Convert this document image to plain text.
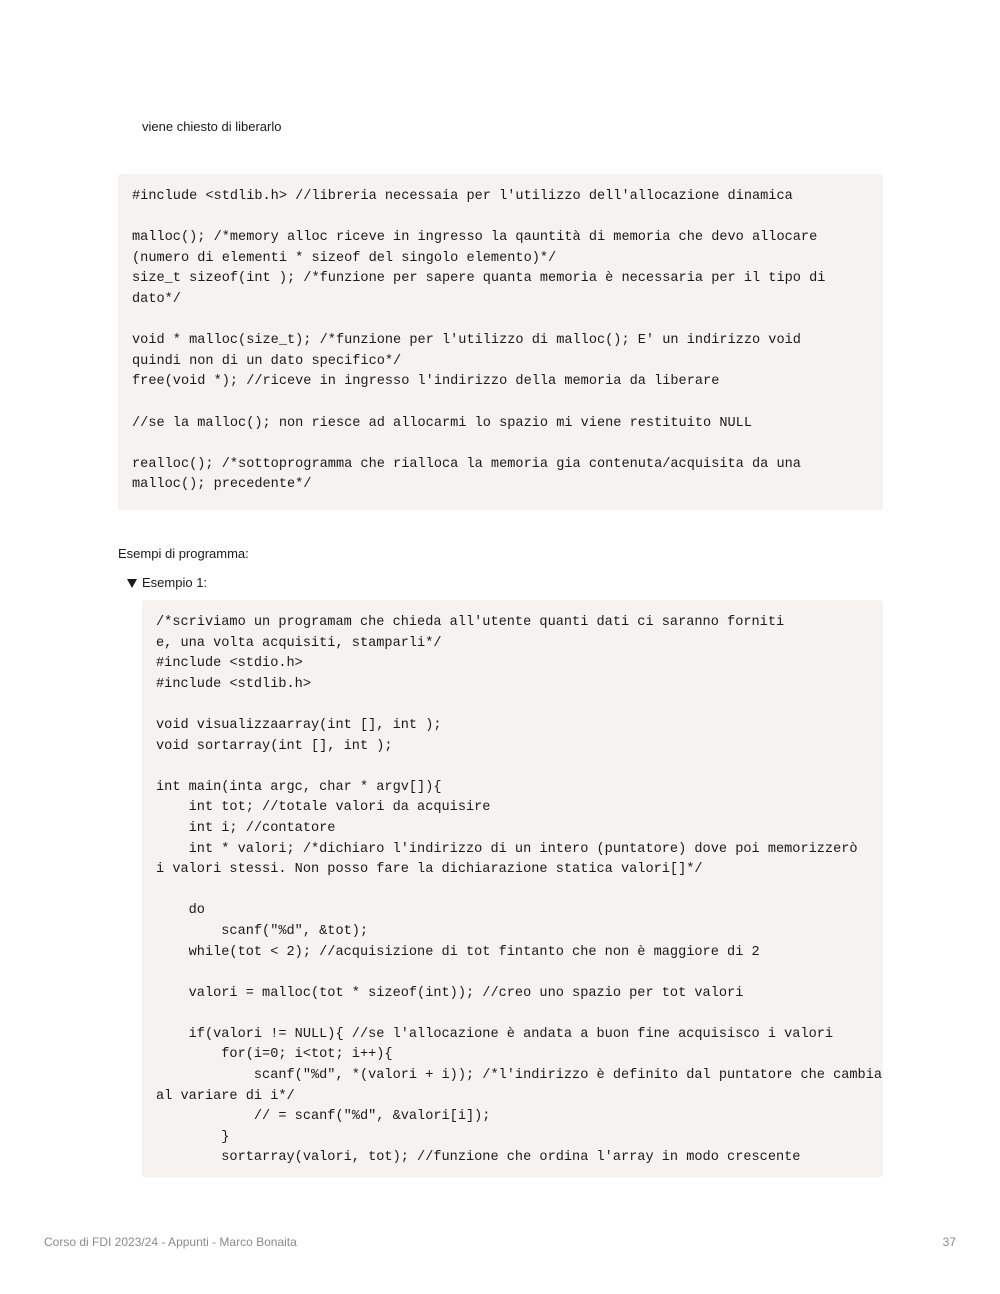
viene chiesto di liberarlo
#include <stdlib.h> //libreria necessaia per l'utilizzo dell'allocazione dinamica

malloc(); /*memory alloc riceve in ingresso la qauntità di memoria che devo allocare
(numero di elementi * sizeof del singolo elemento)*/
size_t sizeof(int ); /*funzione per sapere quanta memoria è necessaria per il tipo di
dato*/

void * malloc(size_t); /*funzione per l'utilizzo di malloc(); E' un indirizzo void
quindi non di un dato specifico*/
free(void *); //riceve in ingresso l'indirizzo della memoria da liberare

//se la malloc(); non riesce ad allocarmi lo spazio mi viene restituito NULL

realloc(); /*sottoprogramma che rialloca la memoria gia contenuta/acquisita da una
malloc(); precedente*/
Esempi di programma:
Esempio 1:
/*scriviamo un programam che chieda all'utente quanti dati ci saranno forniti
e, una volta acquisiti, stamparli*/
#include <stdio.h>
#include <stdlib.h>

void visualizzaarray(int [], int );
void sortarray(int [], int );

int main(inta argc, char * argv[]){
int tot; //totale valori da acquisire
int i; //contatore
int * valori; /*dichiaro l'indirizzo di un intero (puntatore) dove poi memorizzerò
i valori stessi. Non posso fare la dichiarazione statica valori[]*/

do
scanf("%d", &tot);
while(tot < 2); //acquisizione di tot fintanto che non è maggiore di 2

valori = malloc(tot * sizeof(int)); //creo uno spazio per tot valori

if(valori != NULL){ //se l'allocazione è andata a buon fine acquisisco i valori
for(i=0; i<tot; i++){
scanf("%d", *(valori + i)); /*l'indirizzo è definito dal puntatore che cambia
al variare di i*/
// = scanf("%d", &valori[i]);
}
sortarray(valori, tot); //funzione che ordina l'array in modo crescente
Corso di FDI 2023/24 - Appunti - Marco Bonaita	37
